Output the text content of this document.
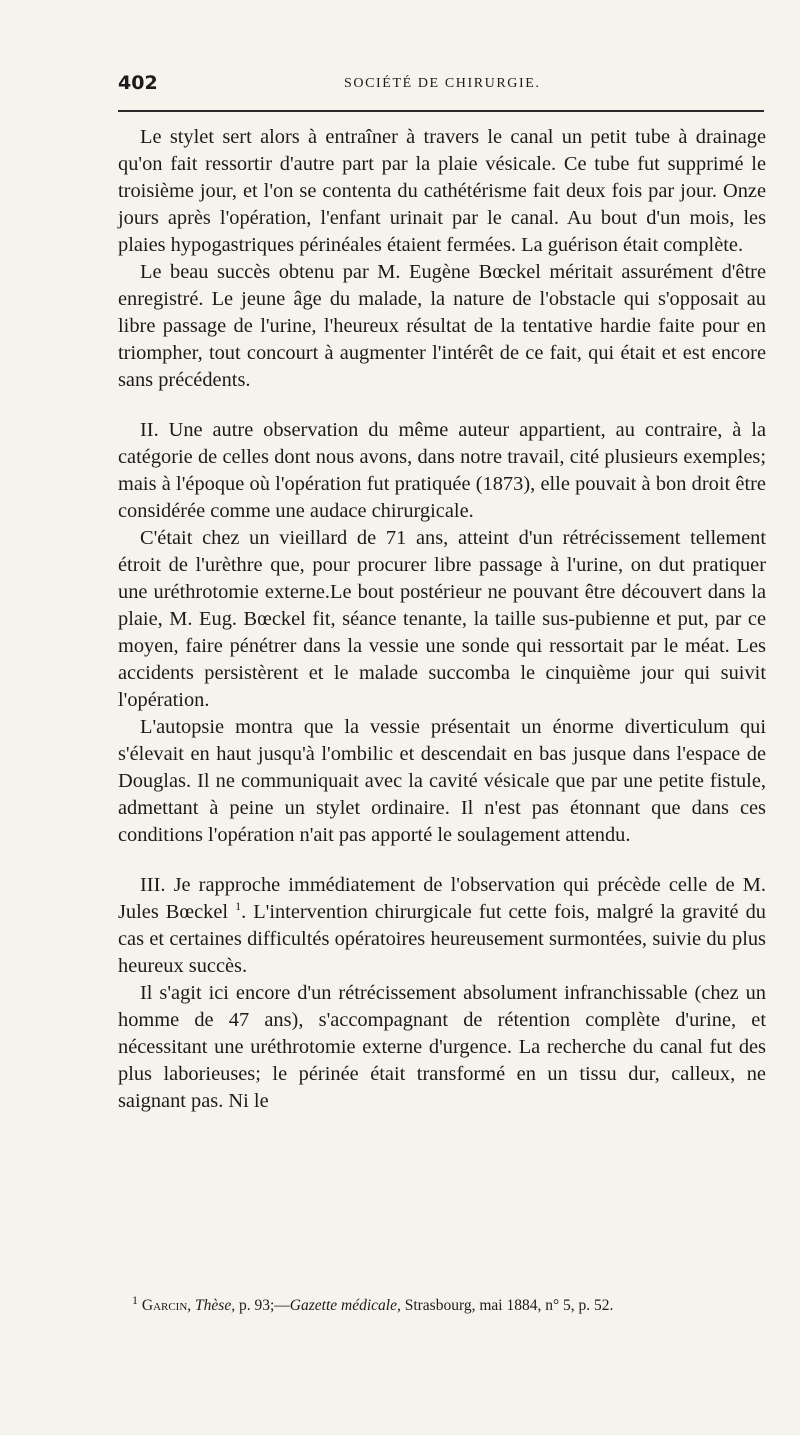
402	SOCIÉTÉ DE CHIRURGIE.

Le stylet sert alors à entraîner à travers le canal un petit tube à drainage qu'on fait ressortir d'autre part par la plaie vésicale. Ce tube fut supprimé le troisième jour, et l'on se contenta du cathétérisme fait deux fois par jour. Onze jours après l'opération, l'enfant urinait par le canal. Au bout d'un mois, les plaies hypogastriques périnéales étaient fermées. La guérison était complète.

Le beau succès obtenu par M. Eugène Bœckel méritait assurément d'être enregistré. Le jeune âge du malade, la nature de l'obstacle qui s'opposait au libre passage de l'urine, l'heureux résultat de la tentative hardie faite pour en triompher, tout concourt à augmenter l'intérêt de ce fait, qui était et est encore sans précédents.

II. Une autre observation du même auteur appartient, au contraire, à la catégorie de celles dont nous avons, dans notre travail, cité plusieurs exemples; mais à l'époque où l'opération fut pratiquée (1873), elle pouvait à bon droit être considérée comme une audace chirurgicale.

C'était chez un vieillard de 71 ans, atteint d'un rétrécissement tellement étroit de l'urèthre que, pour procurer libre passage à l'urine, on dut pratiquer une uréthrotomie externe.Le bout postérieur ne pouvant être découvert dans la plaie, M. Eug. Bœckel fit, séance tenante, la taille sus-pubienne et put, par ce moyen, faire pénétrer dans la vessie une sonde qui ressortait par le méat. Les accidents persistèrent et le malade succomba le cinquième jour qui suivit l'opération.

L'autopsie montra que la vessie présentait un énorme diverticulum qui s'élevait en haut jusqu'à l'ombilic et descendait en bas jusque dans l'espace de Douglas. Il ne communiquait avec la cavité vésicale que par une petite fistule, admettant à peine un stylet ordinaire. Il n'est pas étonnant que dans ces conditions l'opération n'ait pas apporté le soulagement attendu.

III. Je rapproche immédiatement de l'observation qui précède celle de M. Jules Bœckel $^1$. L'intervention chirurgicale fut cette fois, malgré la gravité du cas et certaines difficultés opératoires heureusement surmontées, suivie du plus heureux succès.

Il s'agit ici encore d'un rétrécissement absolument infranchissable (chez un homme de 47 ans), s'accompagnant de rétention complète d'urine, et nécessitant une uréthrotomie externe d'urgence. La recherche du canal fut des plus laborieuses; le périnée était transformé en un tissu dur, calleux, ne saignant pas. Ni le

$^1$ Garcin, Thèse, p. 93;—Gazette médicale, Strasbourg, mai 1884, n° 5, p. 52.
